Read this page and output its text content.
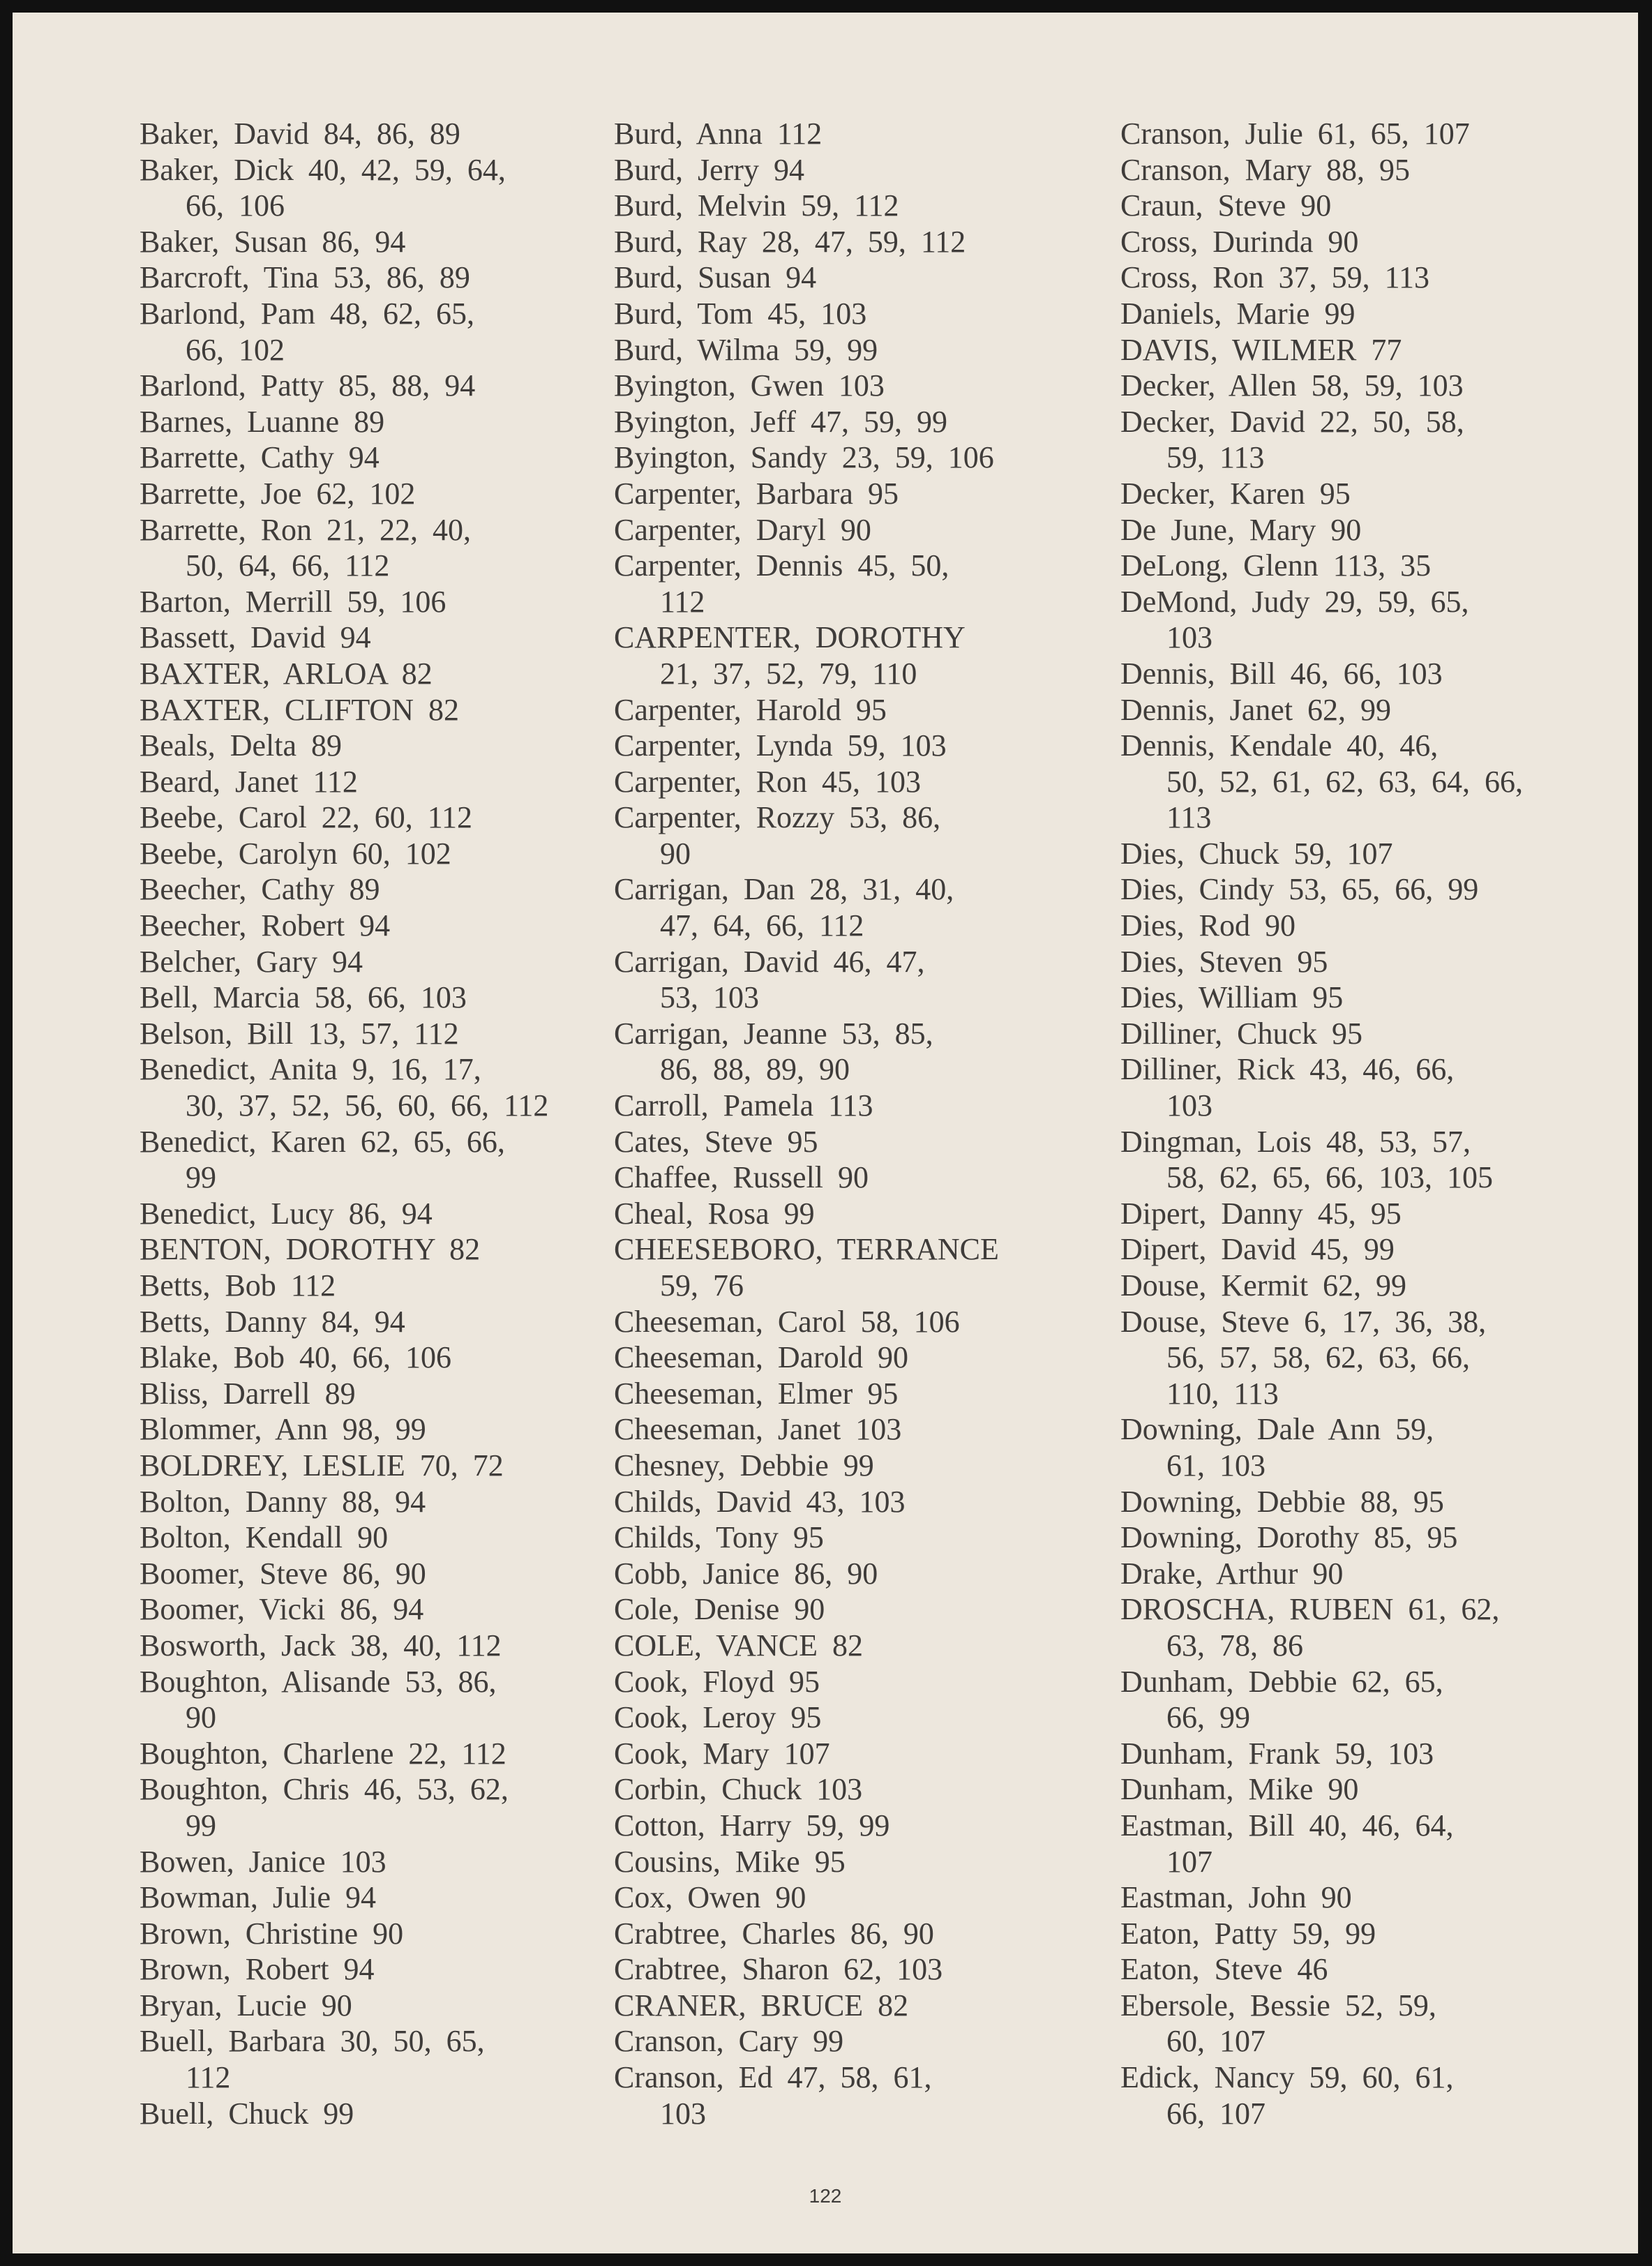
Baker, David 84, 86, 89
Baker, Dick 40, 42, 59, 64,
66, 106
Baker, Susan 86, 94
Barcroft, Tina 53, 86, 89
Barlond, Pam 48, 62, 65,
66, 102
Barlond, Patty 85, 88, 94
Barnes, Luanne 89
Barrette, Cathy 94
Barrette, Joe 62, 102
Barrette, Ron 21, 22, 40,
50, 64, 66, 112
Barton, Merrill 59, 106
Bassett, David 94
BAXTER, ARLOA 82
BAXTER, CLIFTON 82
Beals, Delta 89
Beard, Janet 112
Beebe, Carol 22, 60, 112
Beebe, Carolyn 60, 102
Beecher, Cathy 89
Beecher, Robert 94
Belcher, Gary 94
Bell, Marcia 58, 66, 103
Belson, Bill 13, 57, 112
Benedict, Anita 9, 16, 17,
30, 37, 52, 56, 60, 66, 112
Benedict, Karen 62, 65, 66,
99
Benedict, Lucy 86, 94
BENTON, DOROTHY 82
Betts, Bob 112
Betts, Danny 84, 94
Blake, Bob 40, 66, 106
Bliss, Darrell 89
Blommer, Ann 98, 99
BOLDREY, LESLIE 70, 72
Bolton, Danny 88, 94
Bolton, Kendall 90
Boomer, Steve 86, 90
Boomer, Vicki 86, 94
Bosworth, Jack 38, 40, 112
Boughton, Alisande 53, 86,
90
Boughton, Charlene 22, 112
Boughton, Chris 46, 53, 62,
99
Bowen, Janice 103
Bowman, Julie 94
Brown, Christine 90
Brown, Robert 94
Bryan, Lucie 90
Buell, Barbara 30, 50, 65,
112
Buell, Chuck 99
Burd, Anna 112
Burd, Jerry 94
Burd, Melvin 59, 112
Burd, Ray 28, 47, 59, 112
Burd, Susan 94
Burd, Tom 45, 103
Burd, Wilma 59, 99
Byington, Gwen 103
Byington, Jeff 47, 59, 99
Byington, Sandy 23, 59, 106
Carpenter, Barbara 95
Carpenter, Daryl 90
Carpenter, Dennis 45, 50,
112
CARPENTER, DOROTHY
21, 37, 52, 79, 110
Carpenter, Harold 95
Carpenter, Lynda 59, 103
Carpenter, Ron 45, 103
Carpenter, Rozzy 53, 86,
90
Carrigan, Dan 28, 31, 40,
47, 64, 66, 112
Carrigan, David 46, 47,
53, 103
Carrigan, Jeanne 53, 85,
86, 88, 89, 90
Carroll, Pamela 113
Cates, Steve 95
Chaffee, Russell 90
Cheal, Rosa 99
CHEESEBORO, TERRANCE
59, 76
Cheeseman, Carol 58, 106
Cheeseman, Darold 90
Cheeseman, Elmer 95
Cheeseman, Janet 103
Chesney, Debbie 99
Childs, David 43, 103
Childs, Tony 95
Cobb, Janice 86, 90
Cole, Denise 90
COLE, VANCE 82
Cook, Floyd 95
Cook, Leroy 95
Cook, Mary 107
Corbin, Chuck 103
Cotton, Harry 59, 99
Cousins, Mike 95
Cox, Owen 90
Crabtree, Charles 86, 90
Crabtree, Sharon 62, 103
CRANER, BRUCE 82
Cranson, Cary 99
Cranson, Ed 47, 58, 61,
103
Cranson, Julie 61, 65, 107
Cranson, Mary 88, 95
Craun, Steve 90
Cross, Durinda 90
Cross, Ron 37, 59, 113
Daniels, Marie 99
DAVIS, WILMER 77
Decker, Allen 58, 59, 103
Decker, David 22, 50, 58,
59, 113
Decker, Karen 95
De June, Mary 90
DeLong, Glenn 113, 35
DeMond, Judy 29, 59, 65,
103
Dennis, Bill 46, 66, 103
Dennis, Janet 62, 99
Dennis, Kendale 40, 46,
50, 52, 61, 62, 63, 64, 66,
113
Dies, Chuck 59, 107
Dies, Cindy 53, 65, 66, 99
Dies, Rod 90
Dies, Steven 95
Dies, William 95
Dilliner, Chuck 95
Dilliner, Rick 43, 46, 66,
103
Dingman, Lois 48, 53, 57,
58, 62, 65, 66, 103, 105
Dipert, Danny 45, 95
Dipert, David 45, 99
Douse, Kermit 62, 99
Douse, Steve 6, 17, 36, 38,
56, 57, 58, 62, 63, 66,
110, 113
Downing, Dale Ann 59,
61, 103
Downing, Debbie 88, 95
Downing, Dorothy 85, 95
Drake, Arthur 90
DROSCHA, RUBEN 61, 62,
63, 78, 86
Dunham, Debbie 62, 65,
66, 99
Dunham, Frank 59, 103
Dunham, Mike 90
Eastman, Bill 40, 46, 64,
107
Eastman, John 90
Eaton, Patty 59, 99
Eaton, Steve 46
Ebersole, Bessie 52, 59,
60, 107
Edick, Nancy 59, 60, 61,
66, 107
122
